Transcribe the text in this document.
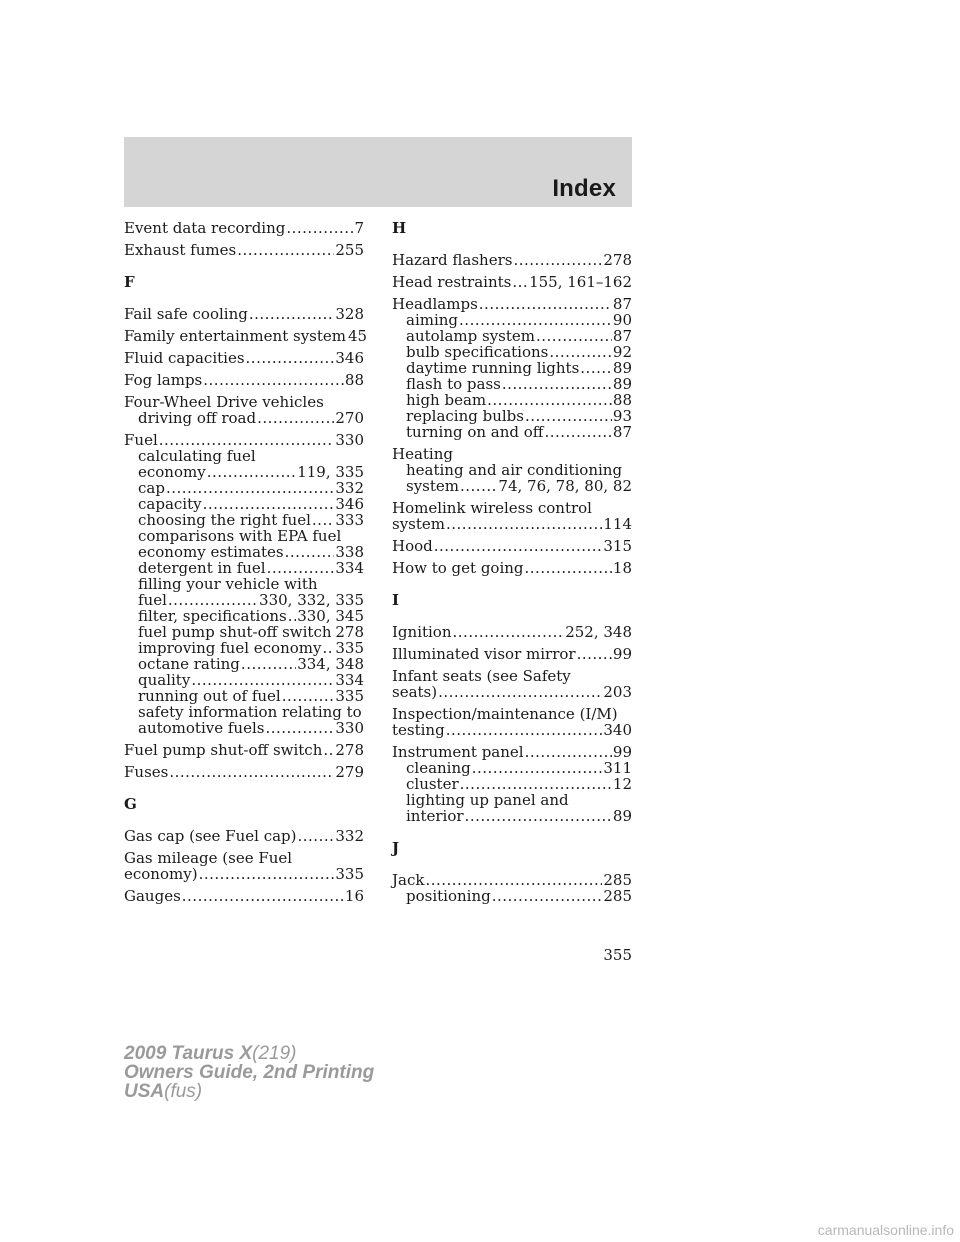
Index
Event data recording .....	7
Exhaust fumes .....	255
F
Fail safe cooling .....	328
Family entertainment system 45
Fluid capacities .....	346
Fog lamps .....	88
Four-Wheel Drive vehicles
driving off road .....	270
Fuel .....	330
calculating fuel
economy .....	119, 335
cap .....	332
capacity .....	346
choosing the right fuel ..... 333
comparisons with EPA fuel
economy estimates .....	338
detergent in fuel .....	334
filling your vehicle with
fuel .....	330, 332, 335
filter, specifications ..... 330, 345
fuel pump shut-off switch ..... 278
improving fuel economy ..... 335
octane rating .....	334, 348
quality .....	334
running out of fuel .....	335
safety information relating to
automotive fuels .....	330
Fuel pump shut-off switch ..... 278
Fuses .....	279
G
Gas cap (see Fuel cap) .....	332
Gas mileage (see Fuel
economy) .....	335
Gauges .....	16
H
Hazard flashers .....	278
Head restraints ..... 155, 161–162
Headlamps .....	87
aiming .....	90
autolamp system .....	87
bulb specifications .....	92
daytime running lights ..... 89
flash to pass .....	89
high beam .....	88
replacing bulbs .....	93
turning on and off .....	87
Heating
heating and air conditioning
system .....	74, 76, 78, 80, 82
Homelink wireless control
system .....	114
Hood .....	315
How to get going .....	18
I
Ignition .....	252, 348
Illuminated visor mirror ..... 99
Infant seats (see Safety
seats) .....	203
Inspection/maintenance (I/M)
testing .....	340
Instrument panel .....	99
cleaning .....	311
cluster .....	12
lighting up panel and
interior .....	89
J
Jack .....	285
positioning .....	285
355
2009 Taurus X(219)
Owners Guide, 2nd Printing
USA(fus)
carmanualsonline.info
